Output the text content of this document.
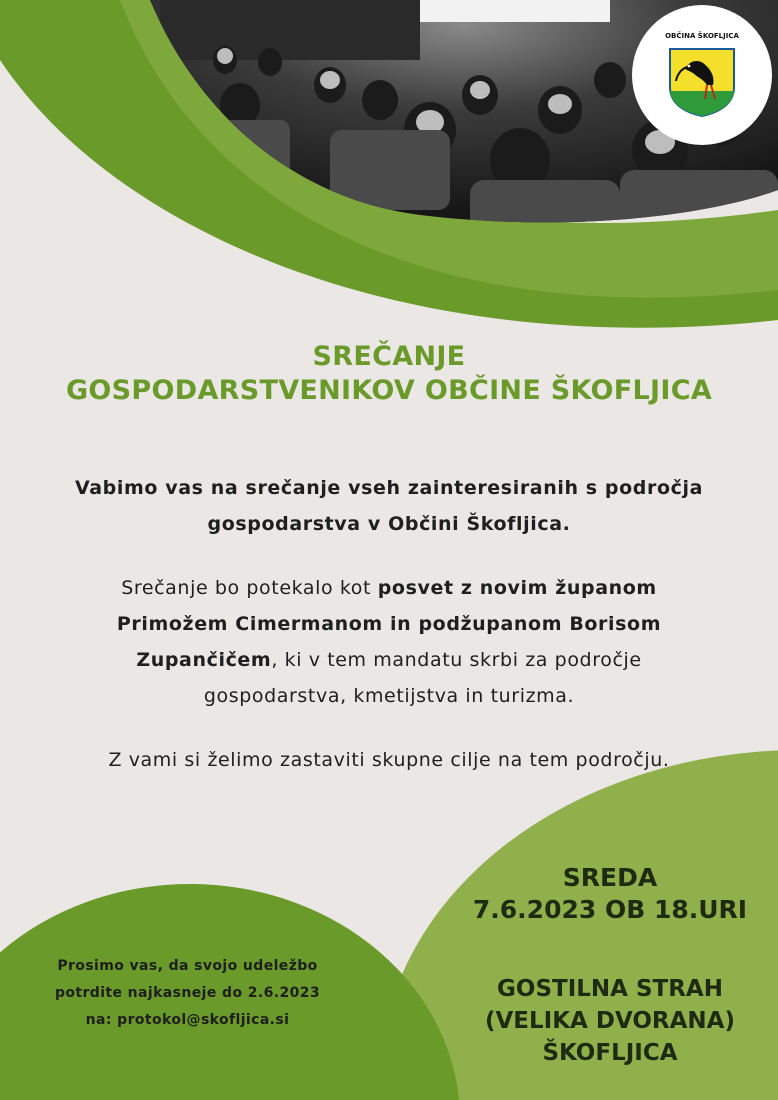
OBČINA ŠKOFLJICA
SREČANJE
GOSPODARSTVENIKOV OBČINE ŠKOFLJICA
Vabimo vas na srečanje vseh zainteresiranih s področja
gospodarstva v Občini Škofljica.
Srečanje bo potekalo kot posvet z novim županom
Primožem Cimermanom in podžupanom Borisom
Zupančičem, ki v tem mandatu skrbi za področje
gospodarstva, kmetijstva in turizma.
Z vami si želimo zastaviti skupne cilje na tem področju.
Prosimo vas, da svojo udeležbo
potrdite najkasneje do 2.6.2023
na: protokol@skofljica.si
SREDA
7.6.2023 OB 18.URI
GOSTILNA STRAH
(VELIKA DVORANA)
ŠKOFLJICA
